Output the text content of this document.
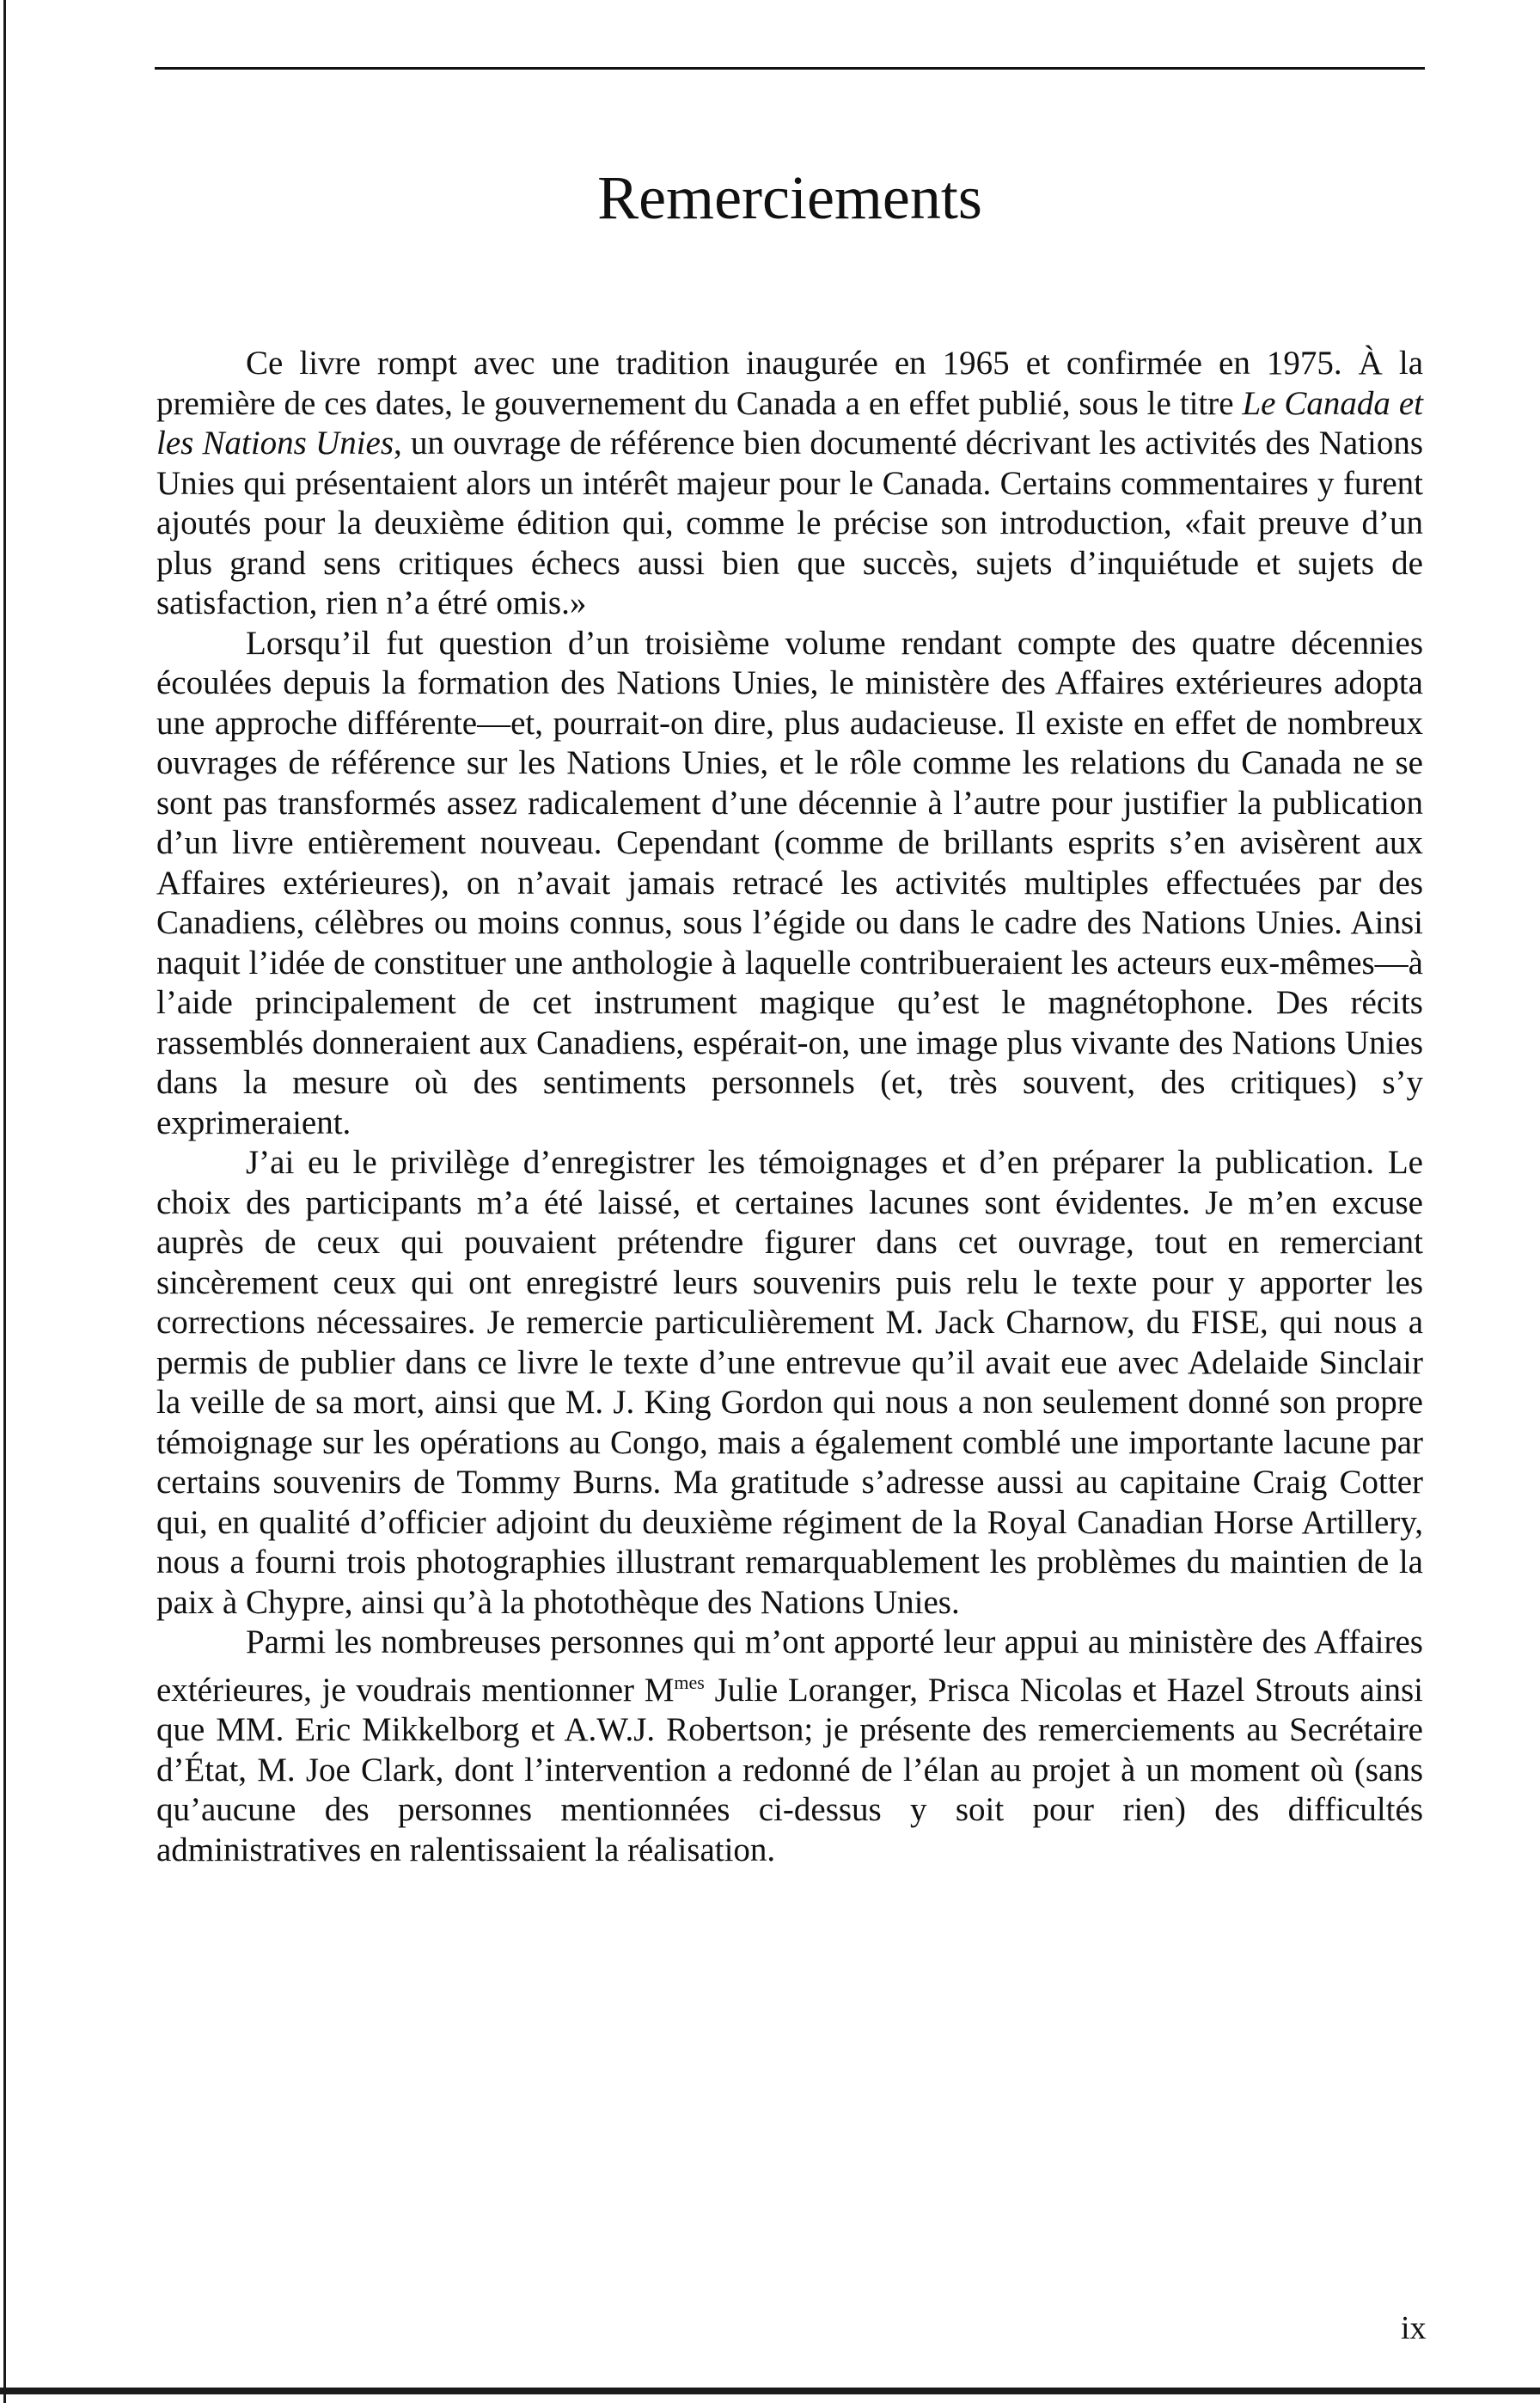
Remerciements

Ce livre rompt avec une tradition inaugurée en 1965 et confirmée en 1975. À la première de ces dates, le gouvernement du Canada a en effet publié, sous le titre Le Canada et les Nations Unies, un ouvrage de référence bien documenté décrivant les activités des Nations Unies qui présentaient alors un intérêt majeur pour le Canada. Certains commentaires y furent ajoutés pour la deuxième édition qui, comme le précise son introduction, «fait preuve d’un plus grand sens critiques échecs aussi bien que succès, sujets d’inquiétude et sujets de satisfaction, rien n’a étré omis.»

Lorsqu’il fut question d’un troisième volume rendant compte des quatre décennies écoulées depuis la formation des Nations Unies, le ministère des Affaires extérieures adopta une approche différente—et, pourrait-on dire, plus audacieuse. Il existe en effet de nombreux ouvrages de référence sur les Nations Unies, et le rôle comme les relations du Canada ne se sont pas transformés assez radicalement d’une décennie à l’autre pour justifier la publication d’un livre entièrement nouveau. Cependant (comme de brillants esprits s’en avisèrent aux Affaires extérieures), on n’avait jamais retracé les activités multiples effectuées par des Canadiens, célèbres ou moins connus, sous l’égide ou dans le cadre des Nations Unies. Ainsi naquit l’idée de constituer une anthologie à laquelle contribueraient les acteurs eux-mêmes—à l’aide principalement de cet instrument magique qu’est le magnétophone. Des récits rassemblés donneraient aux Canadiens, espérait-on, une image plus vivante des Nations Unies dans la mesure où des sentiments personnels (et, très souvent, des critiques) s’y exprimeraient.

J’ai eu le privilège d’enregistrer les témoignages et d’en préparer la publication. Le choix des participants m’a été laissé, et certaines lacunes sont évidentes. Je m’en excuse auprès de ceux qui pouvaient prétendre figurer dans cet ouvrage, tout en remerciant sincèrement ceux qui ont enregistré leurs souvenirs puis relu le texte pour y apporter les corrections nécessaires. Je remercie particulièrement M. Jack Charnow, du FISE, qui nous a permis de publier dans ce livre le texte d’une entrevue qu’il avait eue avec Adelaide Sinclair la veille de sa mort, ainsi que M. J. King Gordon qui nous a non seulement donné son propre témoignage sur les opérations au Congo, mais a également comblé une importante lacune par certains souvenirs de Tommy Burns. Ma gratitude s’adresse aussi au capitaine Craig Cotter qui, en qualité d’officier adjoint du deuxième régiment de la Royal Canadian Horse Artillery, nous a fourni trois photographies illustrant remarquablement les problèmes du maintien de la paix à Chypre, ainsi qu’à la photothèque des Nations Unies.

Parmi les nombreuses personnes qui m’ont apporté leur appui au ministère des Affaires extérieures, je voudrais mentionner $M^{mes}$ Julie Loranger, Prisca Nicolas et Hazel Strouts ainsi que MM. Eric Mikkelborg et A.W.J. Robertson; je présente des remerciements au Secrétaire d’État, M. Joe Clark, dont l’intervention a redonné de l’élan au projet à un moment où (sans qu’aucune des personnes mentionnées ci-dessus y soit pour rien) des difficultés administratives en ralentissaient la réalisation.

ix
